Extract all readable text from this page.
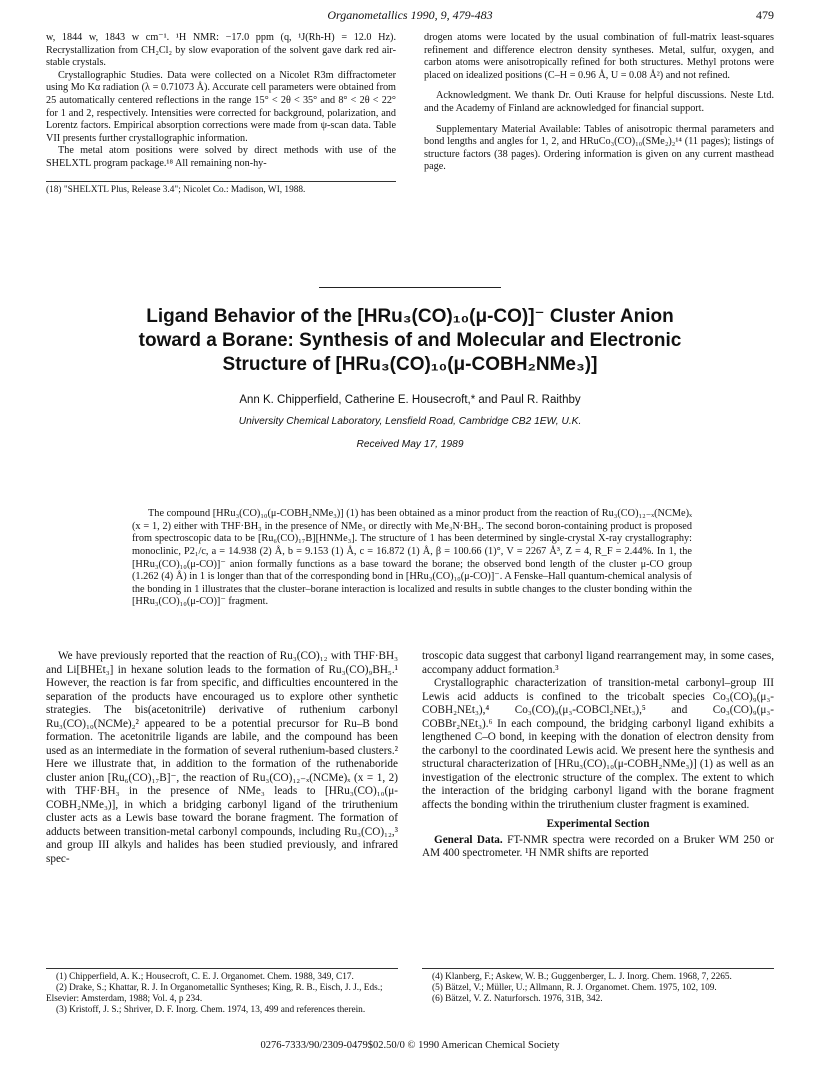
Organometallics 1990, 9, 479-483	479

w, 1844 w, 1843 w cm⁻¹. ¹H NMR: −17.0 ppm (q, ¹J(Rh-H) = 12.0 Hz). Recrystallization from CH₂Cl₂ by slow evaporation of the solvent gave dark red air-stable crystals.

Crystallographic Studies. Data were collected on a Nicolet R3m diffractometer using Mo Kα radiation (λ = 0.71073 Å). Accurate cell parameters were obtained from 25 automatically centered reflections in the range 15° < 2θ < 35° and 8° < 2θ < 22° for 1 and 2, respectively. Intensities were corrected for background, polarization, and Lorentz factors. Empirical absorption corrections were made from ψ-scan data. Table VII presents further crystallographic information.

The metal atom positions were solved by direct methods with use of the SHELXTL program package.¹⁸ All remaining non-hy-

(18) "SHELXTL Plus, Release 3.4"; Nicolet Co.: Madison, WI, 1988.

drogen atoms were located by the usual combination of full-matrix least-squares refinement and difference electron density syntheses. Metal, sulfur, oxygen, and carbon atoms were anisotropically refined for both structures. Methyl protons were placed on idealized positions (C–H = 0.96 Å, U = 0.08 Å²) and not refined.

Acknowledgment. We thank Dr. Outi Krause for helpful discussions. Neste Ltd. and the Academy of Finland are acknowledged for financial support.

Supplementary Material Available: Tables of anisotropic thermal parameters and bond lengths and angles for 1, 2, and HRuCo₃(CO)₁₀(SMe₂)₂¹⁴ (11 pages); listings of structure factors (38 pages). Ordering information is given on any current masthead page.

Ligand Behavior of the [HRu₃(CO)₁₀(μ-CO)]⁻ Cluster Anion
toward a Borane: Synthesis of and Molecular and Electronic
Structure of [HRu₃(CO)₁₀(μ-COBH₂NMe₃)]
Ann K. Chipperfield, Catherine E. Housecroft,* and Paul R. Raithby
University Chemical Laboratory, Lensfield Road, Cambridge CB2 1EW, U.K.
Received May 17, 1989

The compound [HRu₃(CO)₁₀(μ-COBH₂NMe₃)] (1) has been obtained as a minor product from the reaction of Ru₃(CO)₁₂₋ₓ(NCMe)ₓ (x = 1, 2) either with THF·BH₃ in the presence of NMe₃ or directly with Me₃N·BH₃. The second boron-containing product is proposed from spectroscopic data to be [Ru₆(CO)₁₇B][HNMe₃]. The structure of 1 has been determined by single-crystal X-ray crystallography: monoclinic, P2₁/c, a = 14.938 (2) Å, b = 9.153 (1) Å, c = 16.872 (1) Å, β = 100.66 (1)°, V = 2267 Å³, Z = 4, R_F = 2.44%. In 1, the [HRu₃(CO)₁₀(μ-CO)]⁻ anion formally functions as a base toward the borane; the observed bond length of the cluster μ-CO group (1.262 (4) Å) in 1 is longer than that of the corresponding bond in [HRu₃(CO)₁₀(μ-CO)]⁻. A Fenske–Hall quantum-chemical analysis of the bonding in 1 illustrates that the cluster–borane interaction is localized and results in subtle changes to the cluster bonding within the [HRu₃(CO)₁₀(μ-CO)]⁻ fragment.

We have previously reported that the reaction of Ru₃(CO)₁₂ with THF·BH₃ and Li[BHEt₃] in hexane solution leads to the formation of Ru₃(CO)₉BH₅.¹ However, the reaction is far from specific, and difficulties encountered in the separation of the products have encouraged us to explore other synthetic strategies. The bis(acetonitrile) derivative of ruthenium carbonyl Ru₃(CO)₁₀(NCMe)₂² appeared to be a potential precursor for Ru–B bond formation. The acetonitrile ligands are labile, and the compound has been used as an intermediate in the formation of several ruthenium-based clusters.² Here we illustrate that, in addition to the formation of the ruthenaboride cluster anion [Ru₆(CO)₁₇B]⁻, the reaction of Ru₃(CO)₁₂₋ₓ(NCMe)ₓ (x = 1, 2) with THF·BH₃ in the presence of NMe₃ leads to [HRu₃(CO)₁₀(μ-COBH₂NMe₃)], in which a bridging carbonyl ligand of the triruthenium cluster acts as a Lewis base toward the borane fragment. The formation of adducts between transition-metal carbonyl compounds, including Ru₃(CO)₁₂,³ and group III alkyls and halides has been studied previously, and infrared spec-

troscopic data suggest that carbonyl ligand rearrangement may, in some cases, accompany adduct formation.³

Crystallographic characterization of transition-metal carbonyl–group III Lewis acid adducts is confined to the tricobalt species Co₃(CO)₉(μ₃-COBH₂NEt₃),⁴ Co₃(CO)₉(μ₃-COBCl₂NEt₃),⁵ and Co₃(CO)₉(μ₃-COBBr₂NEt₃).⁶ In each compound, the bridging carbonyl ligand exhibits a lengthened C–O bond, in keeping with the donation of electron density from the carbonyl to the coordinated Lewis acid. We present here the synthesis and structural characterization of [HRu₃(CO)₁₀(μ-COBH₂NMe₃)] (1) as well as an investigation of the electronic structure of the complex. The extent to which the interaction of the bridging carbonyl ligand with the borane fragment affects the bonding within the triruthenium cluster fragment is examined.

Experimental Section

General Data. FT-NMR spectra were recorded on a Bruker WM 250 or AM 400 spectrometer. ¹H NMR shifts are reported

(1) Chipperfield, A. K.; Housecroft, C. E. J. Organomet. Chem. 1988, 349, C17.

(2) Drake, S.; Khattar, R. J. In Organometallic Syntheses; King, R. B., Eisch, J. J., Eds.; Elsevier: Amsterdam, 1988; Vol. 4, p 234.

(3) Kristoff, J. S.; Shriver, D. F. Inorg. Chem. 1974, 13, 499 and references therein.

(4) Klanberg, F.; Askew, W. B.; Guggenberger, L. J. Inorg. Chem. 1968, 7, 2265.

(5) Bätzel, V.; Müller, U.; Allmann, R. J. Organomet. Chem. 1975, 102, 109.

(6) Bätzel, V. Z. Naturforsch. 1976, 31B, 342.

0276-7333/90/2309-0479$02.50/0 © 1990 American Chemical Society
